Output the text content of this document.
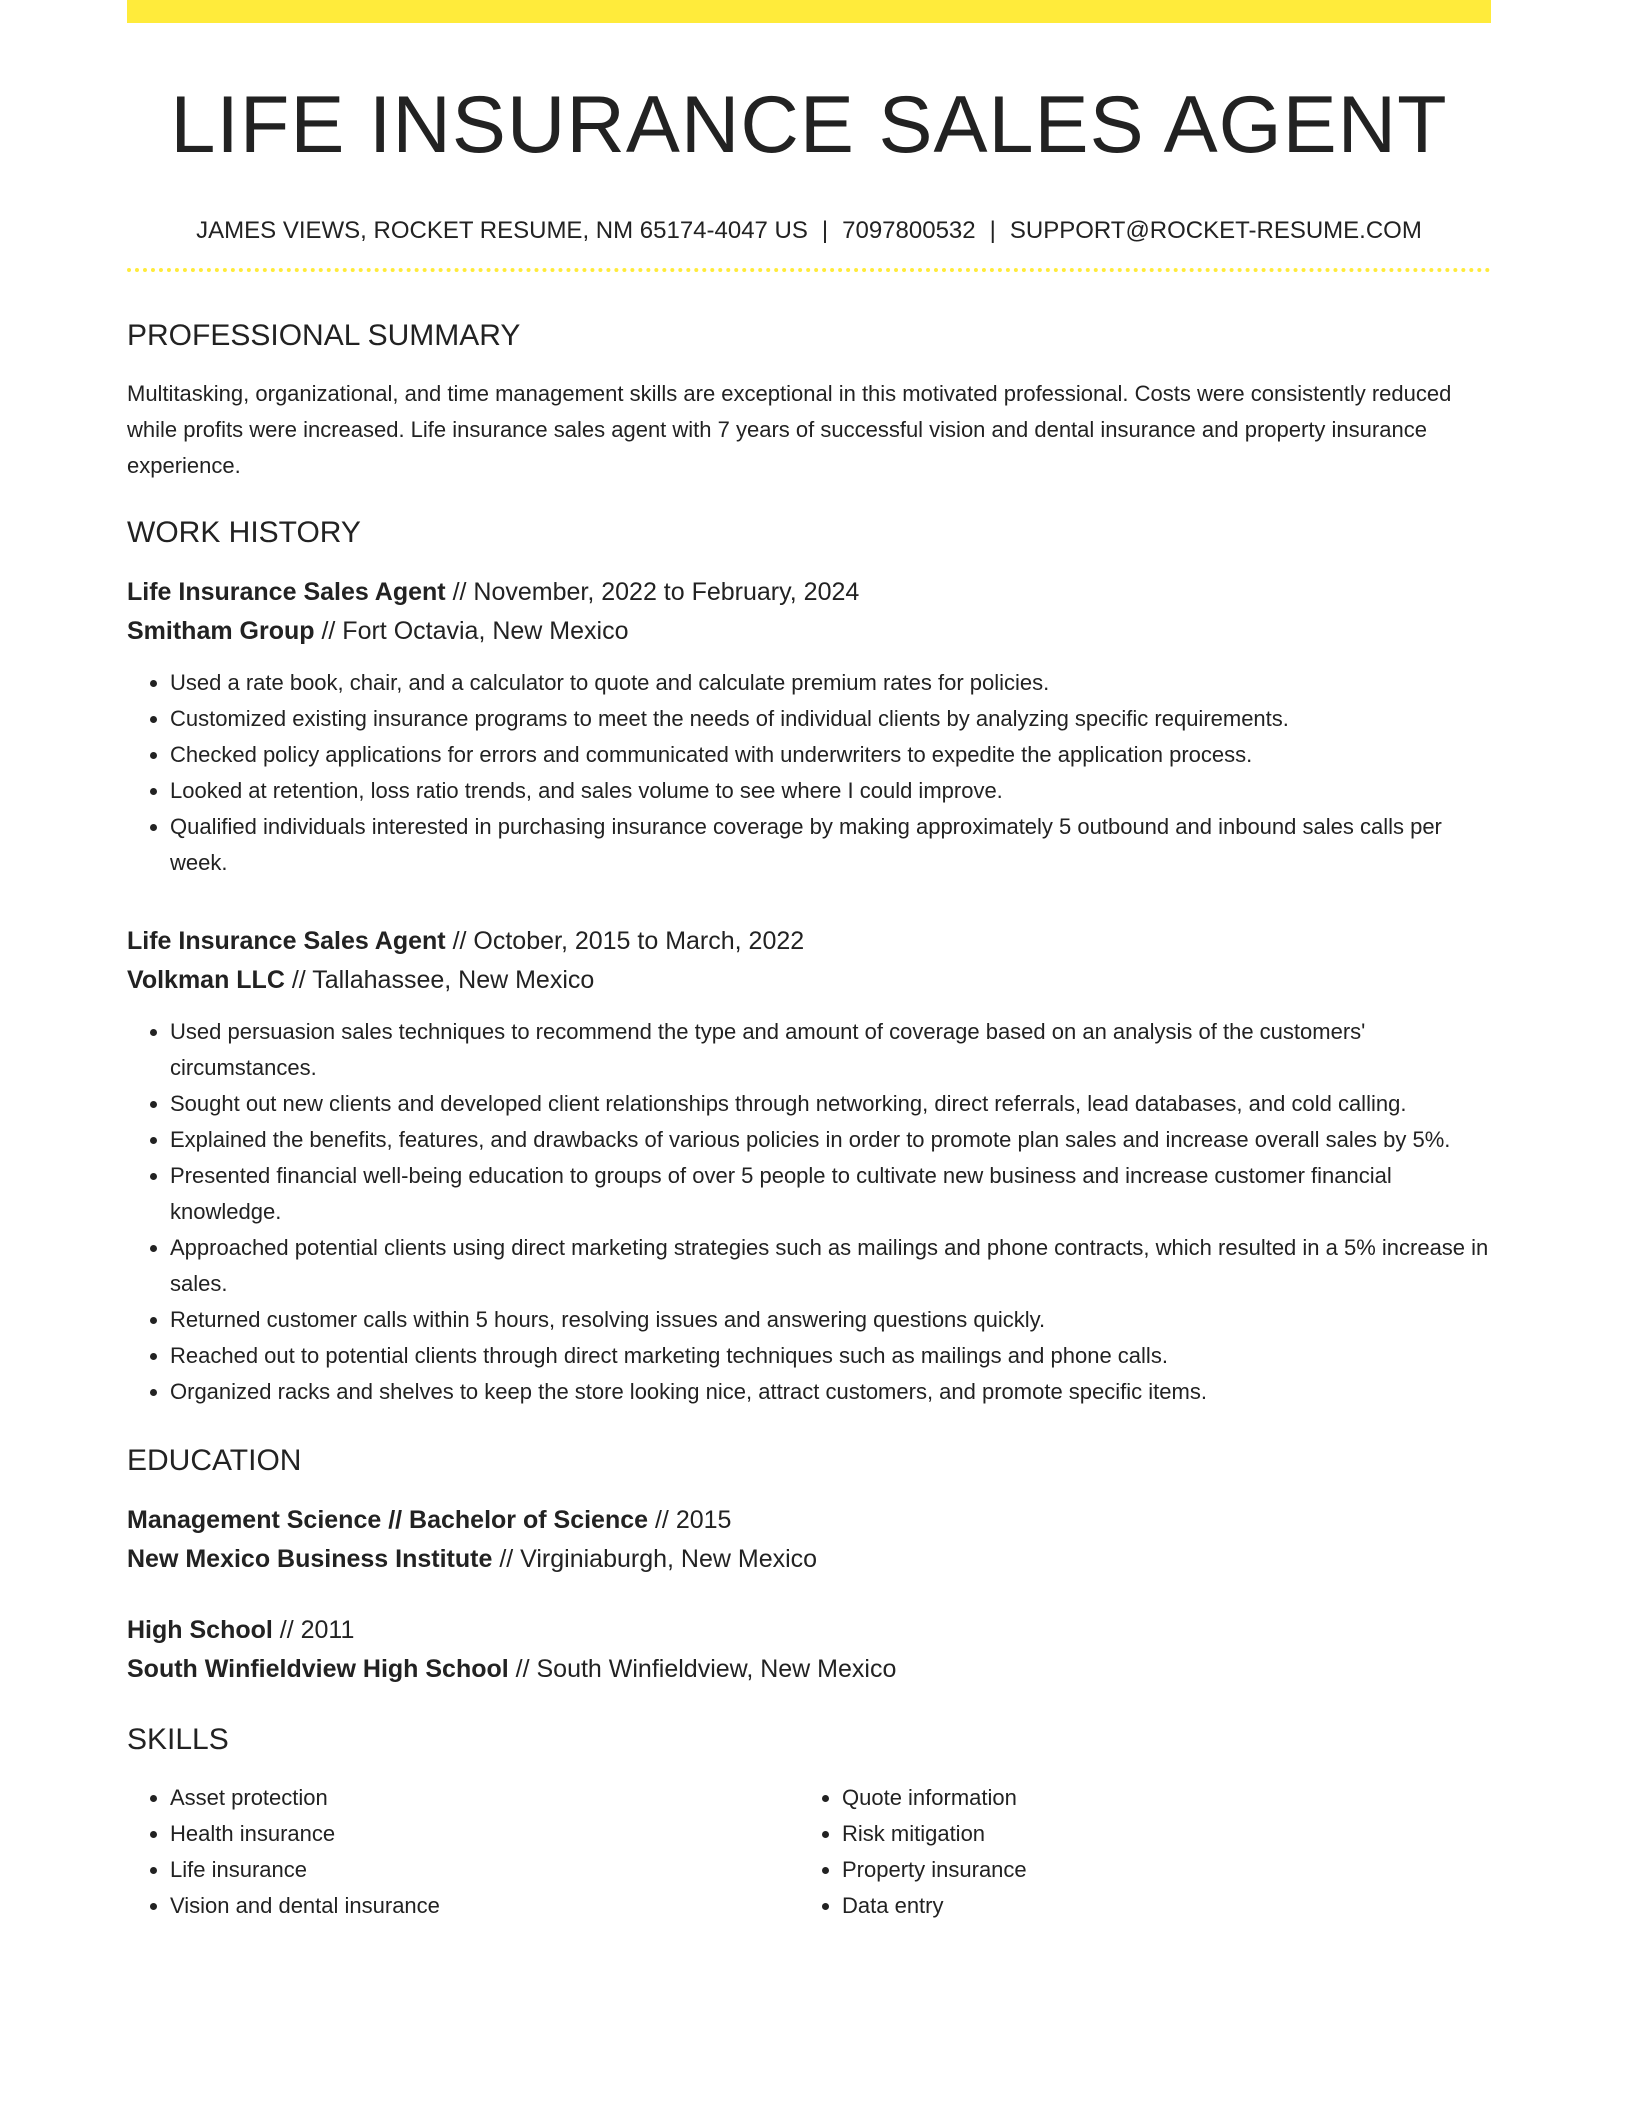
LIFE INSURANCE SALES AGENT
JAMES VIEWS, ROCKET RESUME, NM 65174-4047 US | 7097800532 | SUPPORT@ROCKET-RESUME.COM
PROFESSIONAL SUMMARY

Multitasking, organizational, and time management skills are exceptional in this motivated professional. Costs were consistently reduced while profits were increased. Life insurance sales agent with 7 years of successful vision and dental insurance and property insurance experience.

WORK HISTORY
Life Insurance Sales Agent // November, 2022 to February, 2024
Smitham Group // Fort Octavia, New Mexico
• Used a rate book, chair, and a calculator to quote and calculate premium rates for policies.
• Customized existing insurance programs to meet the needs of individual clients by analyzing specific requirements.
• Checked policy applications for errors and communicated with underwriters to expedite the application process.
• Looked at retention, loss ratio trends, and sales volume to see where I could improve.
• Qualified individuals interested in purchasing insurance coverage by making approximately 5 outbound and inbound sales calls per week.
Life Insurance Sales Agent // October, 2015 to March, 2022
Volkman LLC // Tallahassee, New Mexico
• Used persuasion sales techniques to recommend the type and amount of coverage based on an analysis of the customers' circumstances.
• Sought out new clients and developed client relationships through networking, direct referrals, lead databases, and cold calling.
• Explained the benefits, features, and drawbacks of various policies in order to promote plan sales and increase overall sales by 5%.
• Presented financial well-being education to groups of over 5 people to cultivate new business and increase customer financial knowledge.
• Approached potential clients using direct marketing strategies such as mailings and phone contracts, which resulted in a 5% increase in sales.
• Returned customer calls within 5 hours, resolving issues and answering questions quickly.
• Reached out to potential clients through direct marketing techniques such as mailings and phone calls.
• Organized racks and shelves to keep the store looking nice, attract customers, and promote specific items.
EDUCATION
Management Science // Bachelor of Science // 2015
New Mexico Business Institute // Virginiaburgh, New Mexico
High School // 2011
South Winfieldview High School // South Winfieldview, New Mexico
SKILLS
• Asset protection
• Health insurance
• Life insurance
• Vision and dental insurance
• Quote information
• Risk mitigation
• Property insurance
• Data entry
